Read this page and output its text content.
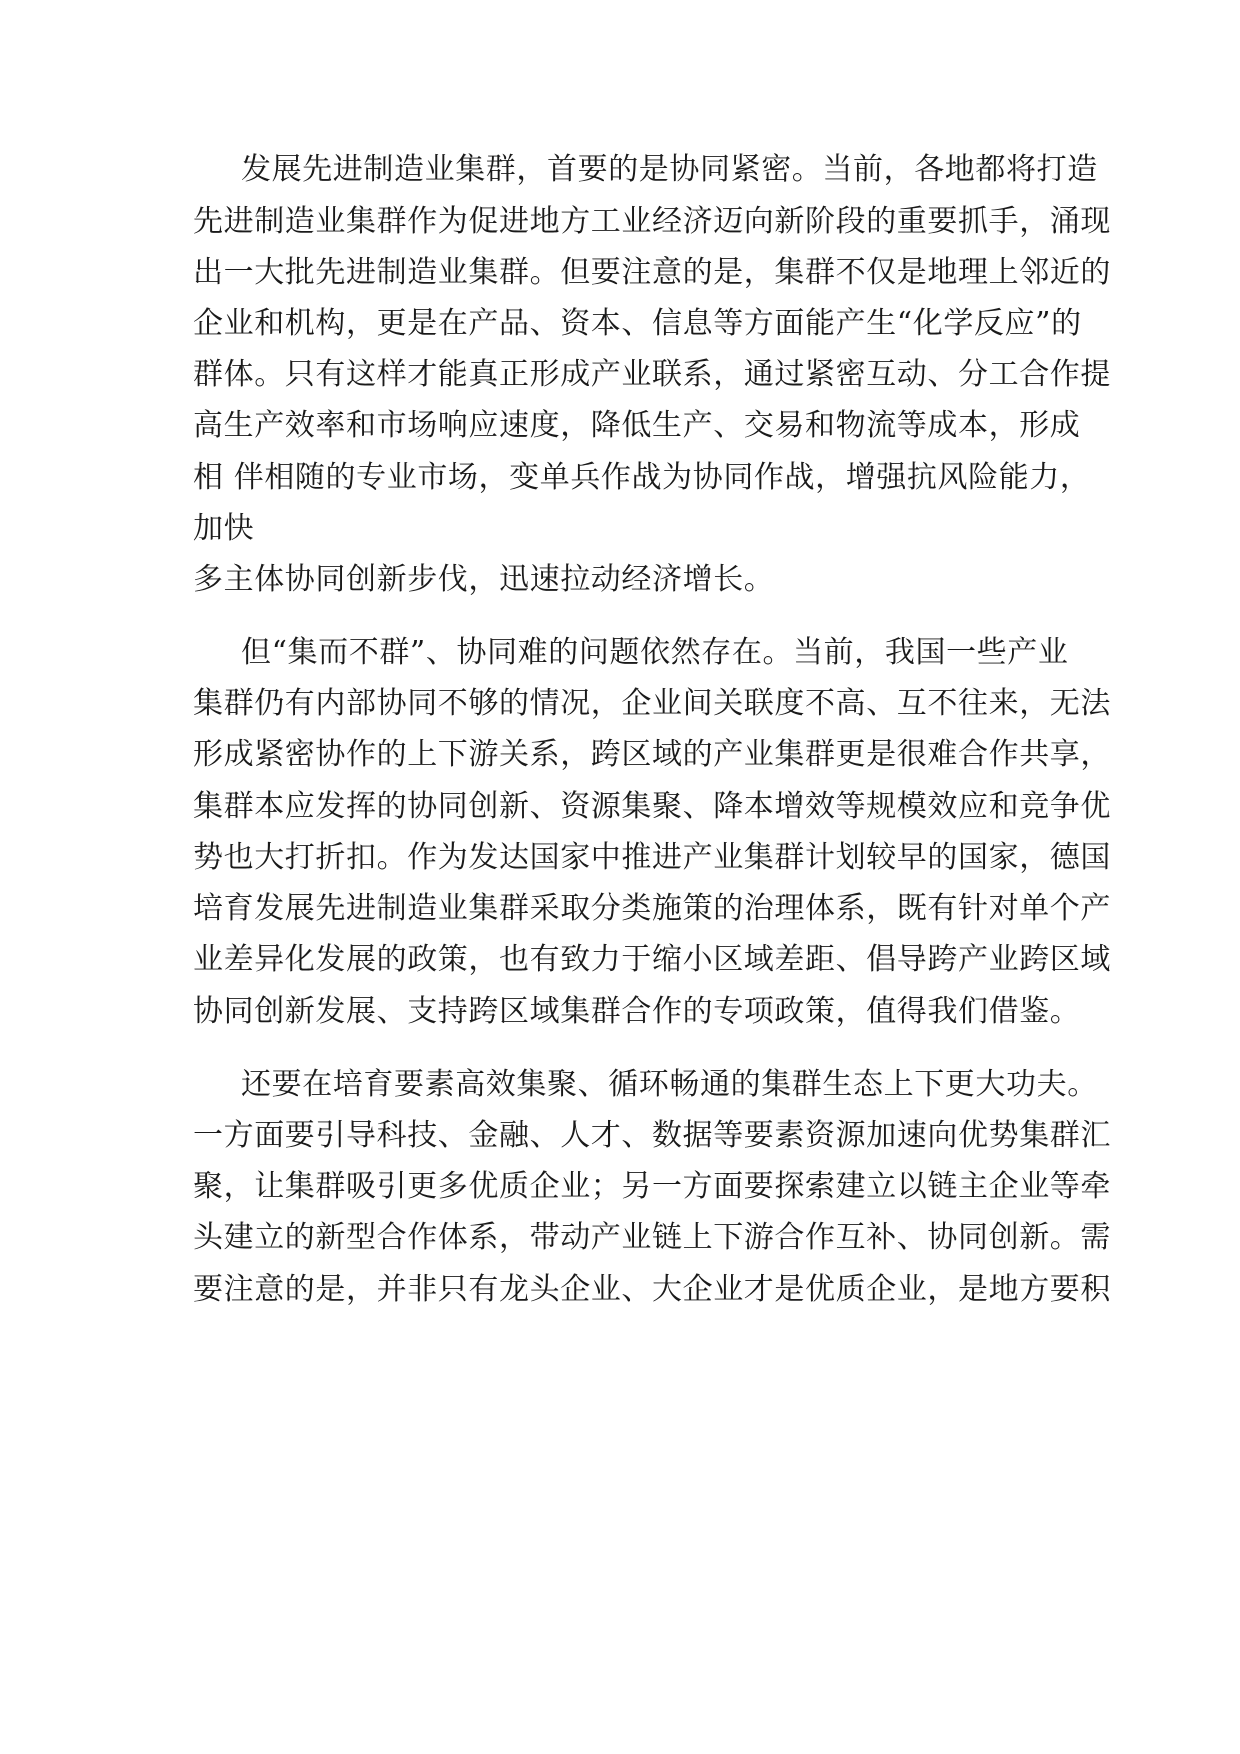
发展先进制造业集群，首要的是协同紧密。当前，各地都将打造
先进制造业集群作为促进地方工业经济迈向新阶段的重要抓手，涌现
出一大批先进制造业集群。但要注意的是，集群不仅是地理上邻近的
企业和机构，更是在产品、资本、信息等方面能产生“化学反应”的
群体。只有这样才能真正形成产业联系，通过紧密互动、分工合作提
高生产效率和市场响应速度，降低生产、交易和物流等成本，形成
相 伴相随的专业市场，变单兵作战为协同作战，增强抗风险能力，
加快
多主体协同创新步伐，迅速拉动经济增长。
但“集而不群”、协同难的问题依然存在。当前，我国一些产业
集群仍有内部协同不够的情况，企业间关联度不高、互不往来，无法
形成紧密协作的上下游关系，跨区域的产业集群更是很难合作共享，
集群本应发挥的协同创新、资源集聚、降本增效等规模效应和竞争优
势也大打折扣。作为发达国家中推进产业集群计划较早的国家，德国
培育发展先进制造业集群采取分类施策的治理体系，既有针对单个产
业差异化发展的政策，也有致力于缩小区域差距、倡导跨产业跨区域
协同创新发展、支持跨区域集群合作的专项政策，值得我们借鉴。
还要在培育要素高效集聚、循环畅通的集群生态上下更大功夫。
一方面要引导科技、金融、人才、数据等要素资源加速向优势集群汇
聚，让集群吸引更多优质企业；另一方面要探索建立以链主企业等牵
头建立的新型合作体系，带动产业链上下游合作互补、协同创新。需
要注意的是，并非只有龙头企业、大企业才是优质企业，是地方要积
